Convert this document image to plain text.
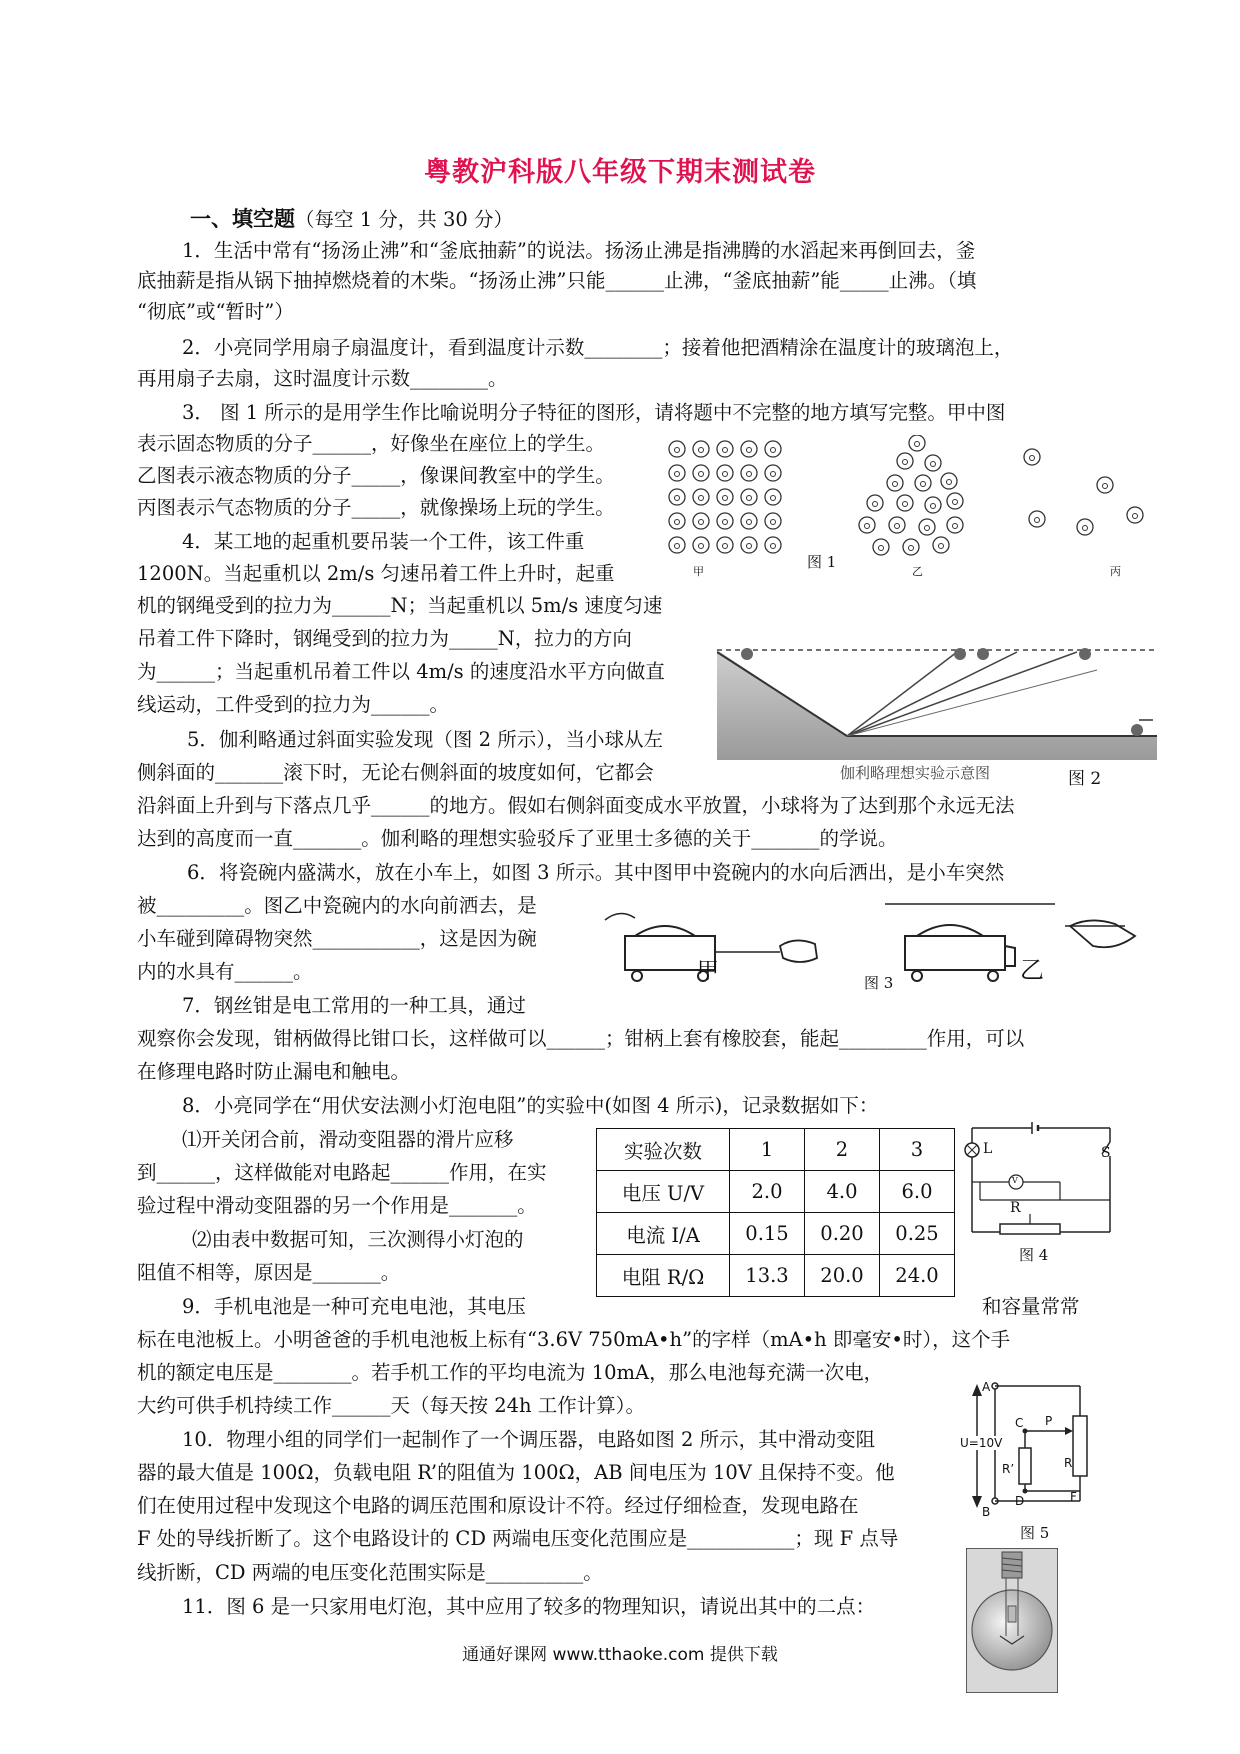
粤教沪科版八年级下期末测试卷
一、填空题（每空 1 分，共 30 分）
1．生活中常有“扬汤止沸”和“釜底抽薪”的说法。扬汤止沸是指沸腾的水滔起来再倒回去，釜
底抽薪是指从锅下抽掉燃烧着的木柴。“扬汤止沸”只能______止沸，“釜底抽薪”能_____止沸。（填
“彻底”或“暂时”）
2．小亮同学用扇子扇温度计，看到温度计示数________；接着他把酒精涂在温度计的玻璃泡上，
再用扇子去扇，这时温度计示数________。
3． 图 1 所示的是用学生作比喻说明分子特征的图形，请将题中不完整的地方填写完整。甲中图
表示固态物质的分子______，好像坐在座位上的学生。
乙图表示液态物质的分子_____，像课间教室中的学生。
丙图表示气态物质的分子_____，就像操场上玩的学生。
4．某工地的起重机要吊装一个工件，该工件重
1200N。当起重机以 2m/s 匀速吊着工件上升时，起重
机的钢绳受到的拉力为______N；当起重机以 5m/s 速度匀速
吊着工件下降时，钢绳受到的拉力为_____N，拉力的方向
为______；当起重机吊着工件以 4m/s 的速度沿水平方向做直
线运动，工件受到的拉力为______。
5．伽利略通过斜面实验发现（图 2 所示），当小球从左
侧斜面的_______滚下时，无论右侧斜面的坡度如何，它都会
沿斜面上升到与下落点几乎______的地方。假如右侧斜面变成水平放置，小球将为了达到那个永远无法
达到的高度而一直_______。伽利略的理想实验驳斥了亚里士多德的关于_______的学说。
6．将瓷碗内盛满水，放在小车上，如图 3 所示。其中图甲中瓷碗内的水向后洒出，是小车突然
被_________。图乙中瓷碗内的水向前洒去，是
小车碰到障碍物突然___________，这是因为碗
内的水具有______。
7．钢丝钳是电工常用的一种工具，通过
观察你会发现，钳柄做得比钳口长，这样做可以______；钳柄上套有橡胶套，能起_________作用，可以
在修理电路时防止漏电和触电。
8．小亮同学在“用伏安法测小灯泡电阻”的实验中(如图 4 所示)，记录数据如下：
⑴开关闭合前，滑动变阻器的滑片应移
到______，这样做能对电路起______作用，在实
验过程中滑动变阻器的另一个作用是_______。
⑵由表中数据可知，三次测得小灯泡的
阻值不相等，原因是_______。
9．手机电池是一种可充电电池，其电压	和容量常常
标在电池板上。小明爸爸的手机电池板上标有“3.6V 750mA•h”的字样（mA•h 即毫安•时），这个手
机的额定电压是________。若手机工作的平均电流为 10mA，那么电池每充满一次电，
大约可供手机持续工作______天（每天按 24h 工作计算）。
10．物理小组的同学们一起制作了一个调压器，电路如图 2 所示，其中滑动变阻
器的最大值是 100Ω，负载电阻 R’的阻值为 100Ω，AB 间电压为 10V 且保持不变。他
们在使用过程中发现这个电路的调压范围和原设计不符。经过仔细检查，发现电路在
F 处的导线折断了。这个电路设计的 CD 两端电压变化范围应是___________；现 F 点导
线折断，CD 两端的电压变化范围实际是__________。
11．图 6 是一只家用电灯泡，其中应用了较多的物理知识，请说出其中的二点：
实验次数	1	2	3
电压 U/V	2.0	4.0	6.0
电流 I/A	0.15	0.20	0.25
电阻 R/Ω	13.3	20.0	24.0
甲
图 1
乙	丙
伽利略理想实验示意图	图 2
甲	图 3	乙
L	S
V
R
图 4
A
B
U=10V
C P
R’	R
D	F
图 5
通通好课网 www.tthaoke.com 提供下载
